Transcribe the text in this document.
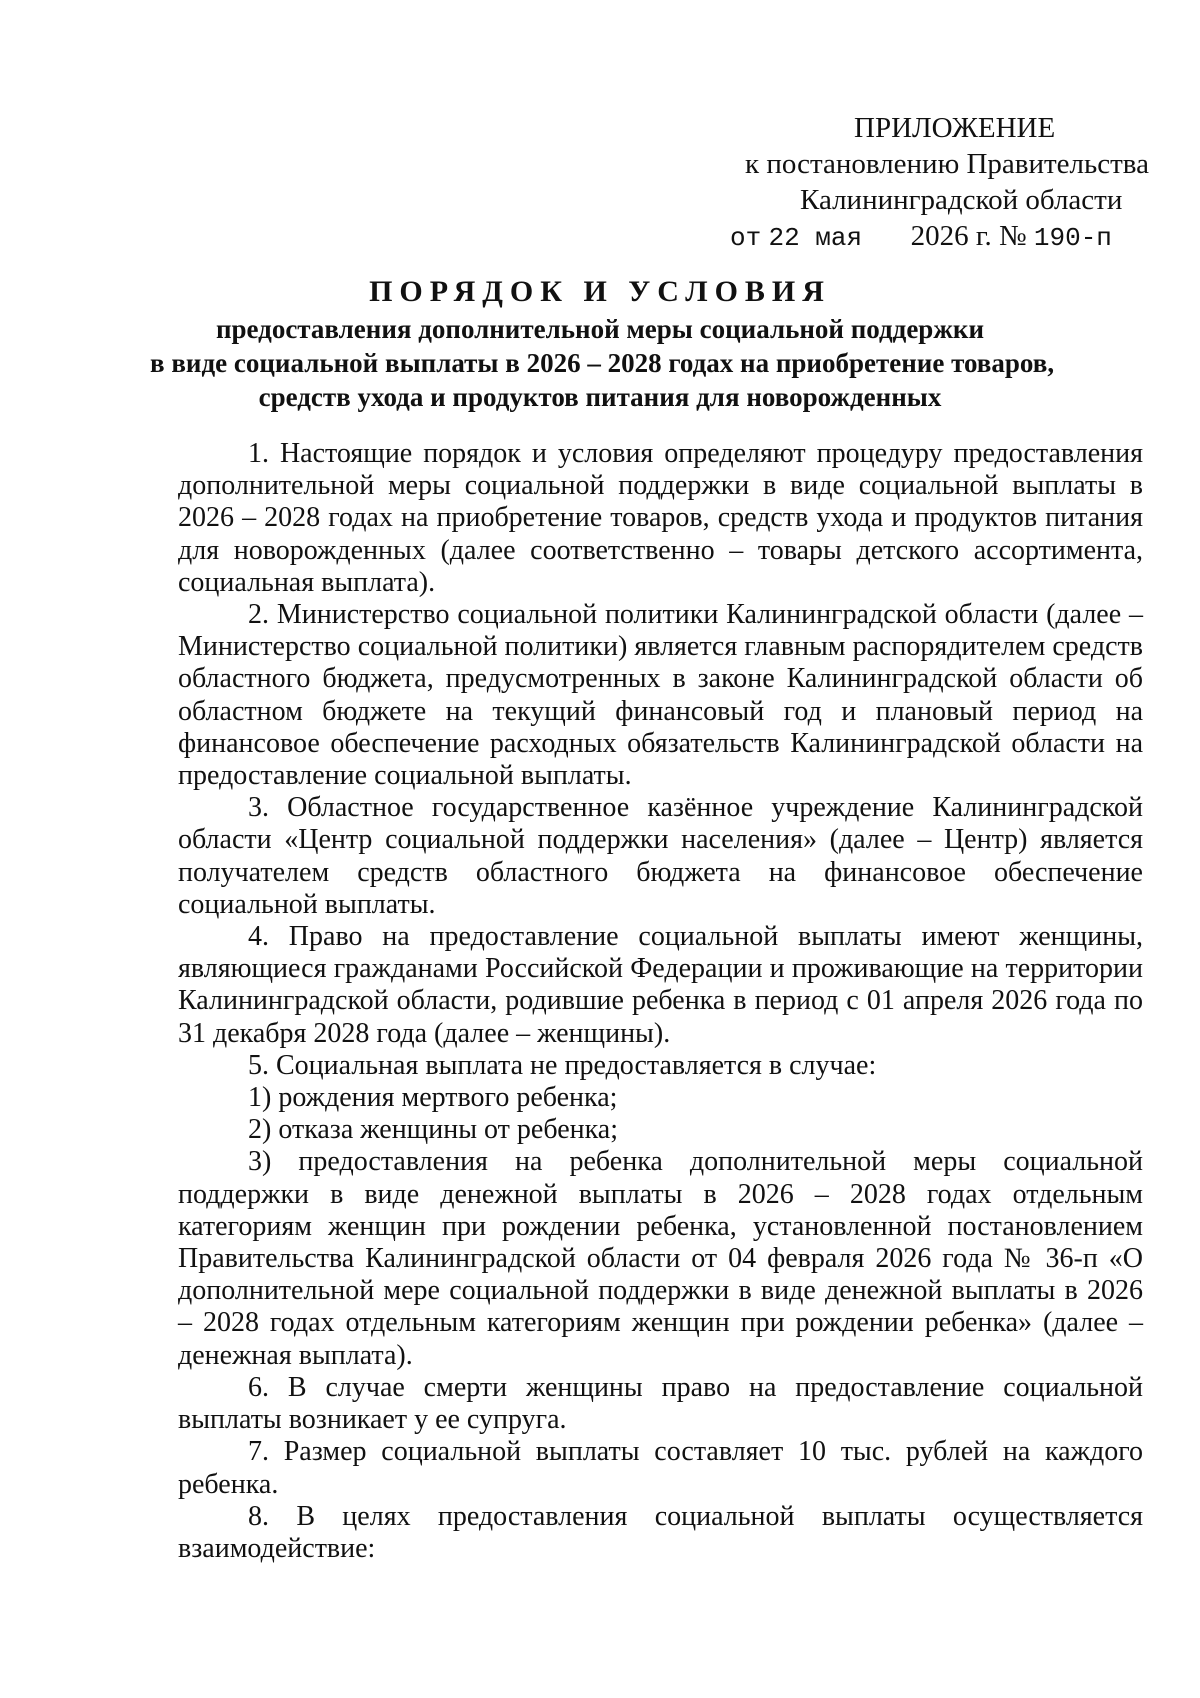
ПРИЛОЖЕНИЕ
к постановлению Правительства
Калининградской области
от 22 мая 2026 г. № 190-п
ПОРЯДОК И УСЛОВИЯ
предоставления дополнительной меры социальной поддержки
в виде социальной выплаты в 2026 – 2028 годах на приобретение товаров,
средств ухода и продуктов питания для новорожденных

1. Настоящие порядок и условия определяют процедуру предоставления дополнительной меры социальной поддержки в виде социальной выплаты в 2026 – 2028 годах на приобретение товаров, средств ухода и продуктов питания для новорожденных (далее соответственно – товары детского ассортимента, социальная выплата).

2. Министерство социальной политики Калининградской области (далее – Министерство социальной политики) является главным распорядителем средств областного бюджета, предусмотренных в законе Калининградской области об областном бюджете на текущий финансовый год и плановый период на финансовое обеспечение расходных обязательств Калининградской области на предоставление социальной выплаты.

3. Областное государственное казённое учреждение Калининградской области «Центр социальной поддержки населения» (далее – Центр) является получателем средств областного бюджета на финансовое обеспечение социальной выплаты.

4. Право на предоставление социальной выплаты имеют женщины, являющиеся гражданами Российской Федерации и проживающие на территории Калининградской области, родившие ребенка в период с 01 апреля 2026 года по 31 декабря 2028 года (далее – женщины).

5. Социальная выплата не предоставляется в случае:

1) рождения мертвого ребенка;

2) отказа женщины от ребенка;

3) предоставления на ребенка дополнительной меры социальной поддержки в виде денежной выплаты в 2026 – 2028 годах отдельным категориям женщин при рождении ребенка, установленной постановлением Правительства Калининградской области от 04 февраля 2026 года № 36-п «О дополнительной мере социальной поддержки в виде денежной выплаты в 2026 – 2028 годах отдельным категориям женщин при рождении ребенка» (далее – денежная выплата).

6. В случае смерти женщины право на предоставление социальной выплаты возникает у ее супруга.

7. Размер социальной выплаты составляет 10 тыс. рублей на каждого ребенка.

8. В целях предоставления социальной выплаты осуществляется взаимодействие:
